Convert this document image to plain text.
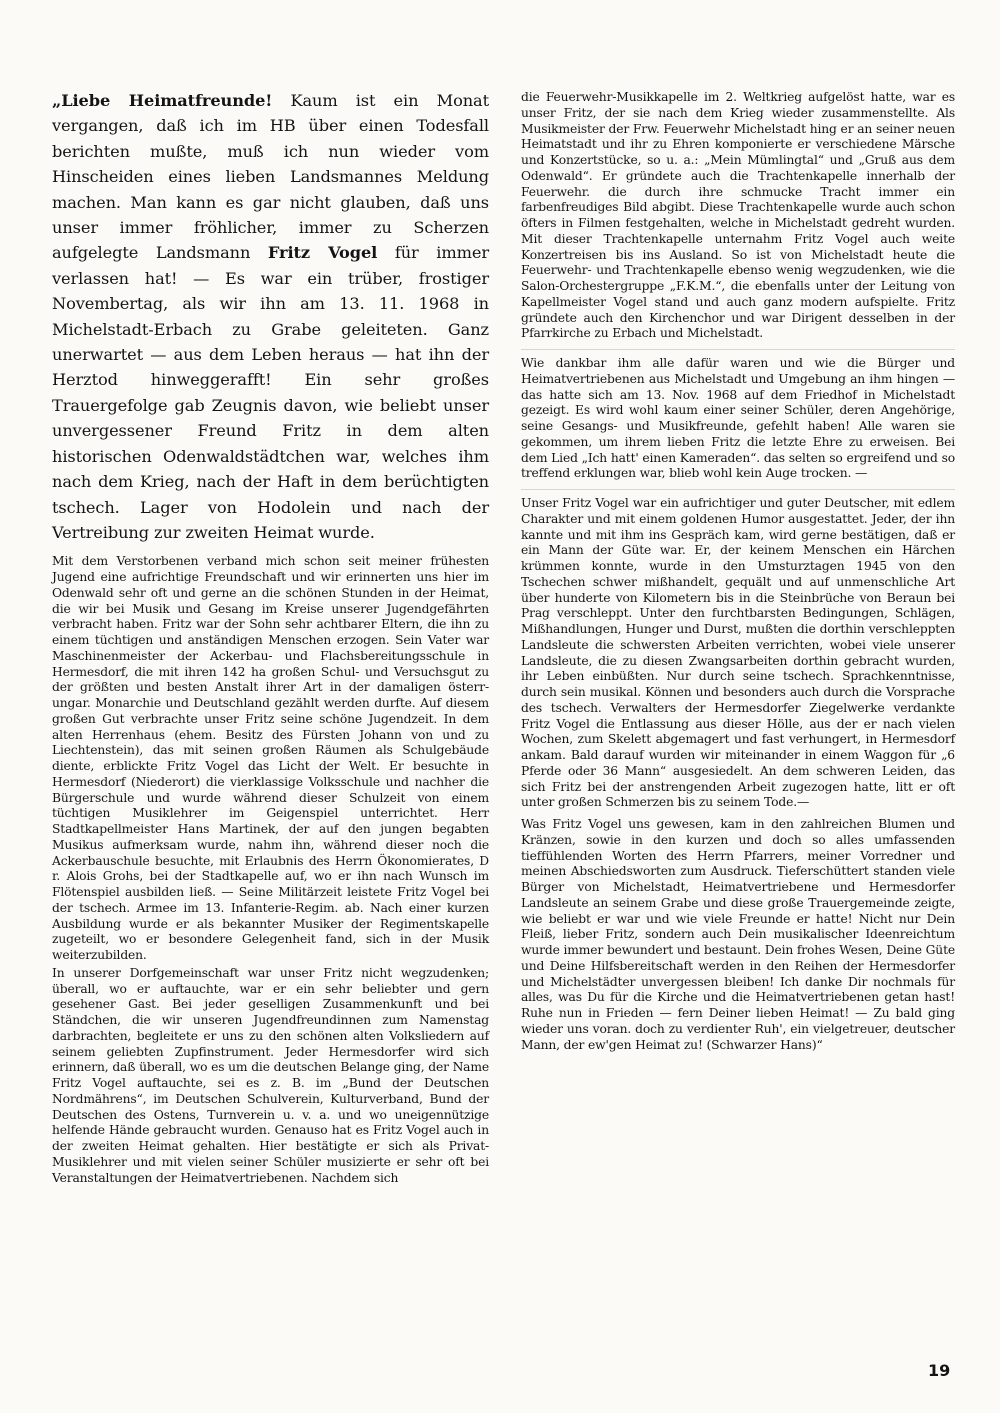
„Liebe Heimatfreunde! Kaum ist ein Monat vergangen, daß ich im HB über einen Todesfall berichten mußte, muß ich nun wieder vom Hinscheiden eines lieben Landsmannes Meldung machen. Man kann es gar nicht glauben, daß uns unser immer fröhlicher, immer zu Scherzen aufgelegte Landsmann Fritz Vogel für immer verlassen hat! — Es war ein trüber, frostiger Novembertag, als wir ihn am 13. 11. 1968 in Michelstadt-Erbach zu Grabe geleiteten. Ganz unerwartet — aus dem Leben heraus — hat ihn der Herztod hinweggerafft! Ein sehr großes Trauergefolge gab Zeugnis davon, wie beliebt unser unvergessener Freund Fritz in dem alten historischen Odenwaldstädtchen war, welches ihm nach dem Krieg, nach der Haft in dem berüchtigten tschech. Lager von Hodolein und nach der Vertreibung zur zweiten Heimat wurde.

Mit dem Verstorbenen verband mich schon seit meiner frühesten Jugend eine aufrichtige Freundschaft und wir erinnerten uns hier im Odenwald sehr oft und gerne an die schönen Stunden in der Heimat, die wir bei Musik und Gesang im Kreise unserer Jugendgefährten verbracht haben. Fritz war der Sohn sehr achtbarer Eltern, die ihn zu einem tüchtigen und anständigen Menschen erzogen. Sein Vater war Maschinenmeister der Ackerbau- und Flachsbereitungsschule in Hermesdorf, die mit ihren 142 ha großen Schul- und Versuchsgut zu der größten und besten Anstalt ihrer Art in der damaligen österr-ungar. Monarchie und Deutschland gezählt werden durfte. Auf diesem großen Gut verbrachte unser Fritz seine schöne Jugendzeit. In dem alten Herrenhaus (ehem. Besitz des Fürsten Johann von und zu Liechtenstein), das mit seinen großen Räumen als Schulgebäude diente, erblickte Fritz Vogel das Licht der Welt. Er besuchte in Hermesdorf (Niederort) die vierklassige Volksschule und nachher die Bürgerschule und wurde während dieser Schulzeit von einem tüchtigen Musiklehrer im Geigenspiel unterrichtet. Herr Stadtkapellmeister Hans Martinek, der auf den jungen begabten Musikus aufmerksam wurde, nahm ihn, während dieser noch die Ackerbauschule besuchte, mit Erlaubnis des Herrn Ökonomierates, D r. Alois Grohs, bei der Stadtkapelle auf, wo er ihn nach Wunsch im Flötenspiel ausbilden ließ. — Seine Militärzeit leistete Fritz Vogel bei der tschech. Armee im 13. Infanterie-Regim. ab. Nach einer kurzen Ausbildung wurde er als bekannter Musiker der Regimentskapelle zugeteilt, wo er besondere Gelegenheit fand, sich in der Musik weiterzubilden.

In unserer Dorfgemeinschaft war unser Fritz nicht wegzudenken; überall, wo er auftauchte, war er ein sehr beliebter und gern gesehener Gast. Bei jeder geselligen Zusammenkunft und bei Ständchen, die wir unseren Jugendfreundinnen zum Namenstag darbrachten, begleitete er uns zu den schönen alten Volksliedern auf seinem geliebten Zupfinstrument. Jeder Hermesdorfer wird sich erinnern, daß überall, wo es um die deutschen Belange ging, der Name Fritz Vogel auftauchte, sei es z. B. im „Bund der Deutschen Nordmährens“, im Deutschen Schulverein, Kulturverband, Bund der Deutschen des Ostens, Turnverein u. v. a. und wo uneigennützige helfende Hände gebraucht wurden. Genauso hat es Fritz Vogel auch in der zweiten Heimat gehalten. Hier bestätigte er sich als Privat-Musiklehrer und mit vielen seiner Schüler musizierte er sehr oft bei Veranstaltungen der Heimatvertriebenen. Nachdem sich

die Feuerwehr-Musikkapelle im 2. Weltkrieg aufgelöst hatte, war es unser Fritz, der sie nach dem Krieg wieder zusammenstellte. Als Musikmeister der Frw. Feuerwehr Michelstadt hing er an seiner neuen Heimatstadt und ihr zu Ehren komponierte er verschiedene Märsche und Konzertstücke, so u. a.: „Mein Mümlingtal“ und „Gruß aus dem Odenwald“. Er gründete auch die Trachtenkapelle innerhalb der Feuerwehr. die durch ihre schmucke Tracht immer ein farbenfreudiges Bild abgibt. Diese Trachtenkapelle wurde auch schon öfters in Filmen festgehalten, welche in Michelstadt gedreht wurden. Mit dieser Trachtenkapelle unternahm Fritz Vogel auch weite Konzertreisen bis ins Ausland. So ist von Michelstadt heute die Feuerwehr- und Trachtenkapelle ebenso wenig wegzudenken, wie die Salon-Orchestergruppe „F.K.M.“, die ebenfalls unter der Leitung von Kapellmeister Vogel stand und auch ganz modern aufspielte. Fritz gründete auch den Kirchenchor und war Dirigent desselben in der Pfarrkirche zu Erbach und Michelstadt.

Wie dankbar ihm alle dafür waren und wie die Bürger und Heimatvertriebenen aus Michelstadt und Umgebung an ihm hingen — das hatte sich am 13. Nov. 1968 auf dem Friedhof in Michelstadt gezeigt. Es wird wohl kaum einer seiner Schüler, deren Angehörige, seine Gesangs- und Musikfreunde, gefehlt haben! Alle waren sie gekommen, um ihrem lieben Fritz die letzte Ehre zu erweisen. Bei dem Lied „Ich hatt' einen Kameraden“. das selten so ergreifend und so treffend erklungen war, blieb wohl kein Auge trocken. —

Unser Fritz Vogel war ein aufrichtiger und guter Deutscher, mit edlem Charakter und mit einem goldenen Humor ausgestattet. Jeder, der ihn kannte und mit ihm ins Gespräch kam, wird gerne bestätigen, daß er ein Mann der Güte war. Er, der keinem Menschen ein Härchen krümmen konnte, wurde in den Umsturztagen 1945 von den Tschechen schwer mißhandelt, gequält und auf unmenschliche Art über hunderte von Kilometern bis in die Steinbrüche von Beraun bei Prag verschleppt. Unter den furchtbarsten Bedingungen, Schlägen, Mißhandlungen, Hunger und Durst, mußten die dorthin verschleppten Landsleute die schwersten Arbeiten verrichten, wobei viele unserer Landsleute, die zu diesen Zwangsarbeiten dorthin gebracht wurden, ihr Leben einbüßten. Nur durch seine tschech. Sprachkenntnisse, durch sein musikal. Können und besonders auch durch die Vorsprache des tschech. Verwalters der Hermesdorfer Ziegelwerke verdankte Fritz Vogel die Entlassung aus dieser Hölle, aus der er nach vielen Wochen, zum Skelett abgemagert und fast verhungert, in Hermesdorf ankam. Bald darauf wurden wir miteinander in einem Waggon für „6 Pferde oder 36 Mann“ ausgesiedelt. An dem schweren Leiden, das sich Fritz bei der anstrengenden Arbeit zugezogen hatte, litt er oft unter großen Schmerzen bis zu seinem Tode.—

Was Fritz Vogel uns gewesen, kam in den zahlreichen Blumen und Kränzen, sowie in den kurzen und doch so alles umfassenden tieffühlenden Worten des Herrn Pfarrers, meiner Vorredner und meinen Abschiedsworten zum Ausdruck. Tieferschüttert standen viele Bürger von Michelstadt, Heimatvertriebene und Hermesdorfer Landsleute an seinem Grabe und diese große Trauergemeinde zeigte, wie beliebt er war und wie viele Freunde er hatte! Nicht nur Dein Fleiß, lieber Fritz, sondern auch Dein musikalischer Ideenreichtum wurde immer bewundert und bestaunt. Dein frohes Wesen, Deine Güte und Deine Hilfsbereitschaft werden in den Reihen der Hermesdorfer und Michelstädter unvergessen bleiben! Ich danke Dir nochmals für alles, was Du für die Kirche und die Heimatvertriebenen getan hast! Ruhe nun in Frieden — fern Deiner lieben Heimat! — Zu bald ging wieder uns voran. doch zu verdienter Ruh', ein vielgetreuer, deutscher Mann, der ew'gen Heimat zu! (Schwarzer Hans)“

19
